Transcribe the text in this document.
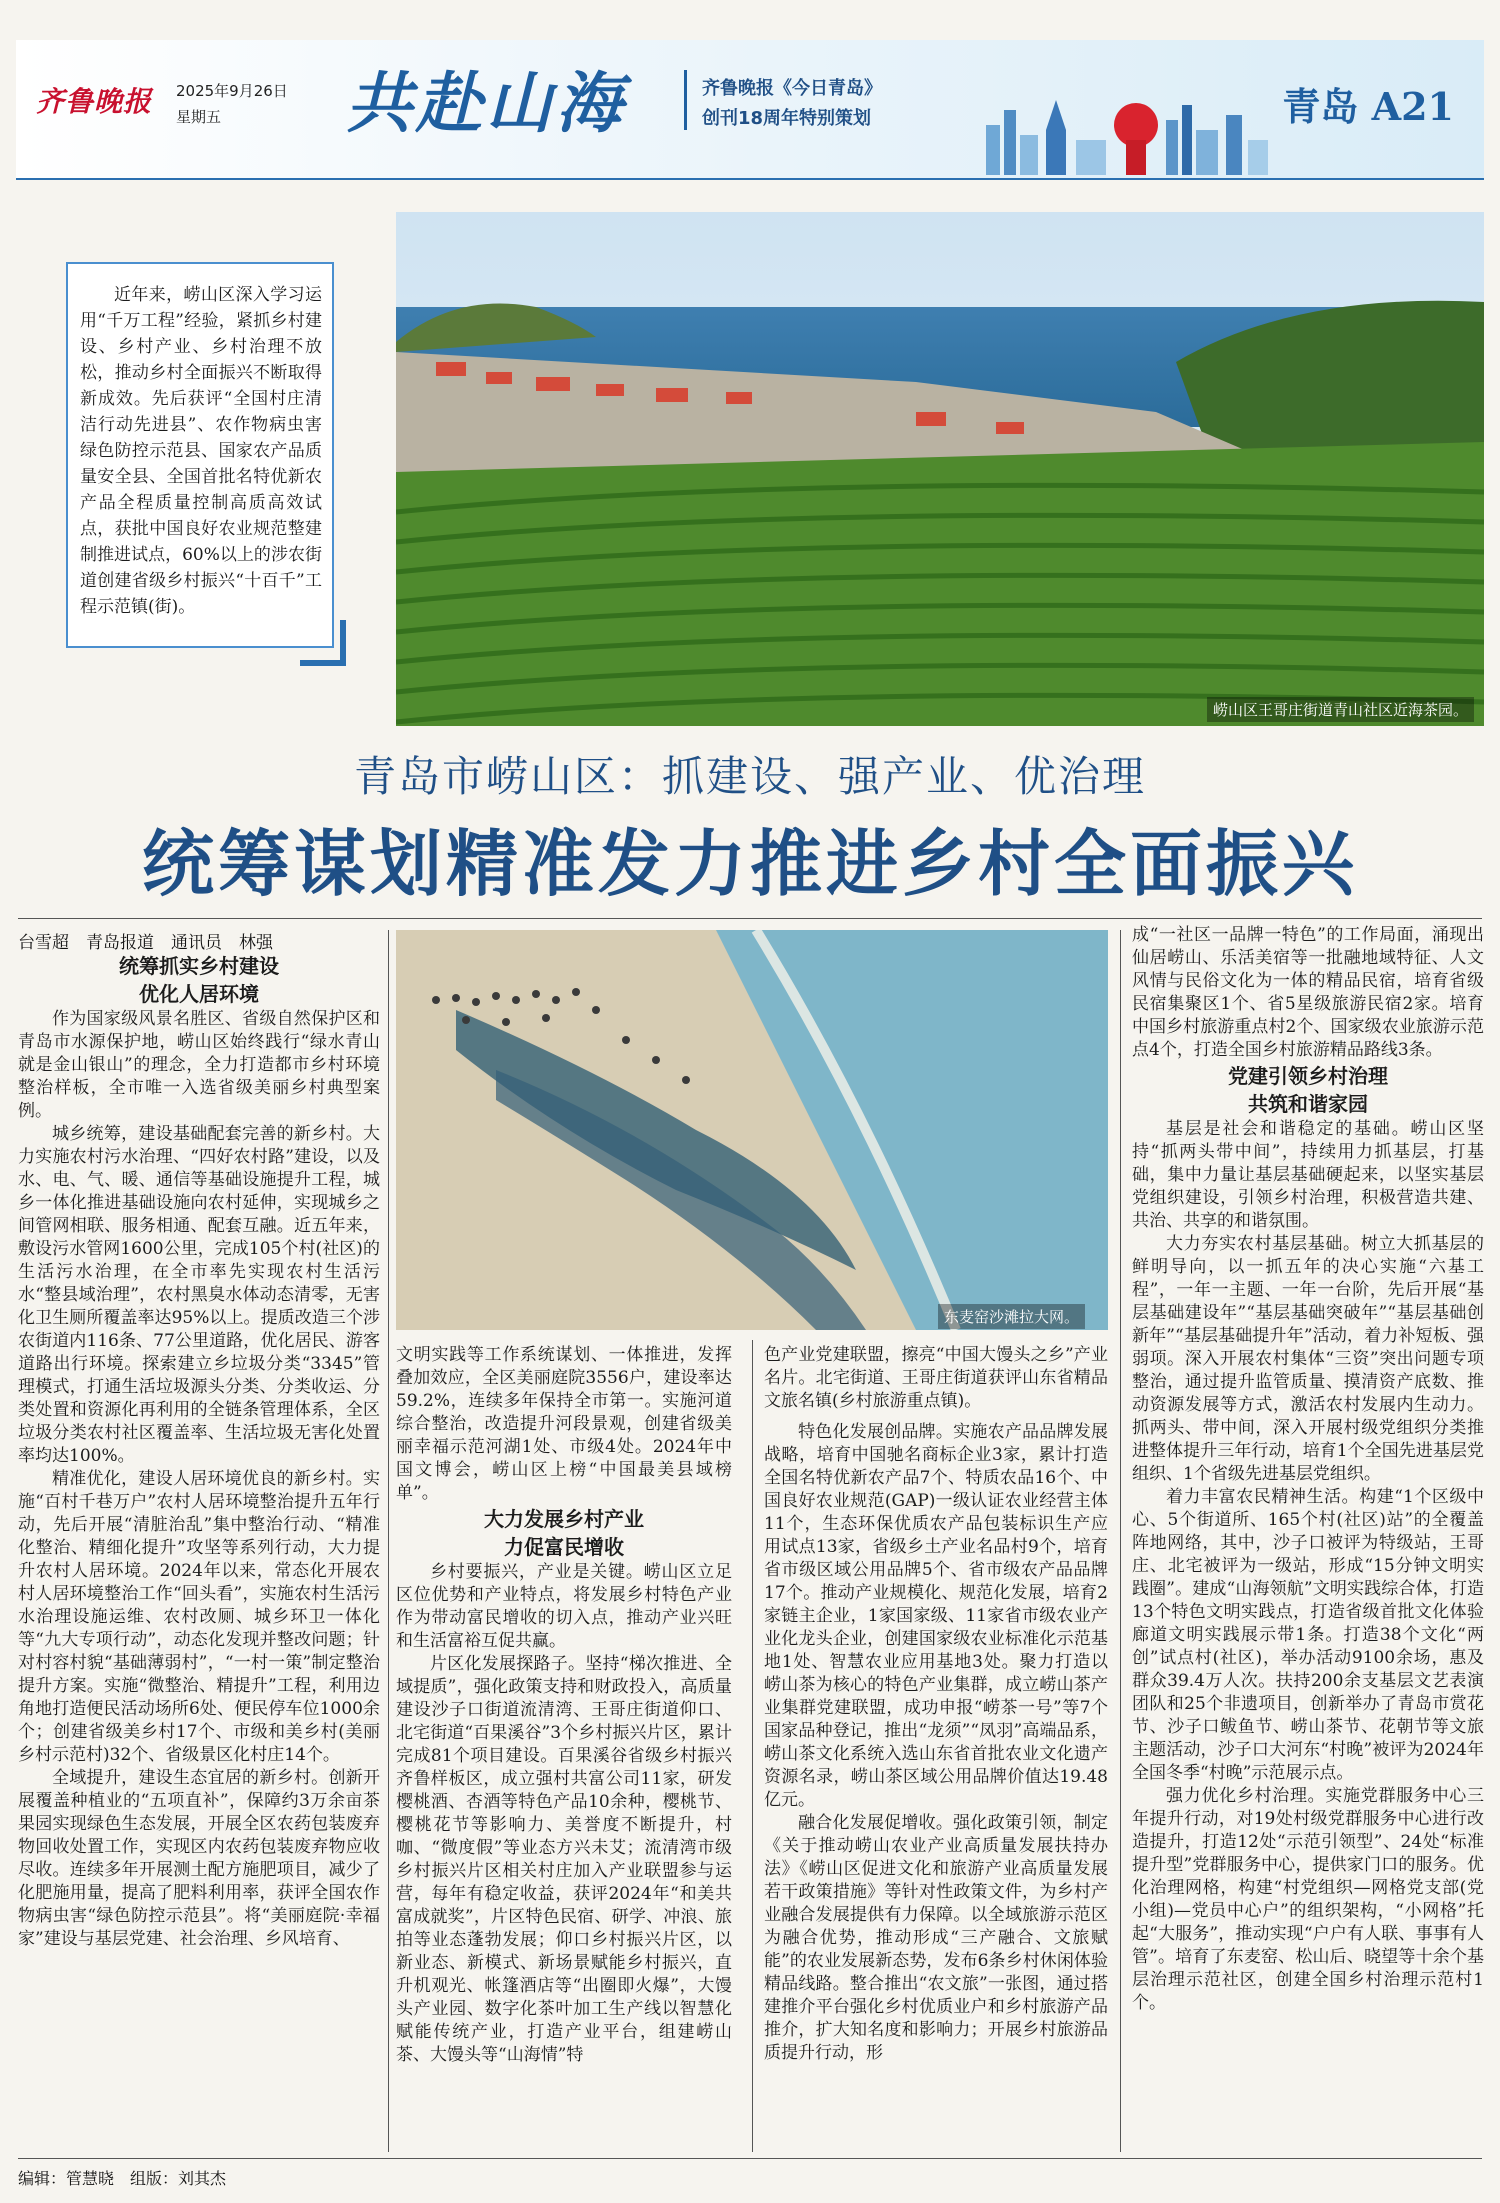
齐鲁晚报 2025年9月26日
星期五 共赴山海	齐鲁晚报《今日青岛》
创刊18周年特别策划	青岛 A21
崂山区王哥庄街道青山社区近海茶园。
近年来，崂山区深入学习运用“千万工程”经验，紧抓乡村建设、乡村产业、乡村治理不放松，推动乡村全面振兴不断取得新成效。先后获评“全国村庄清洁行动先进县”、农作物病虫害绿色防控示范县、国家农产品质量安全县、全国首批名特优新农产品全程质量控制高质高效试点，获批中国良好农业规范整建制推进试点，60%以上的涉农街道创建省级乡村振兴“十百千”工程示范镇(街)。
青岛市崂山区：抓建设、强产业、优治理
统筹谋划精准发力推进乡村全面振兴
台雪超　青岛报道　通讯员　林强

统筹抓实乡村建设
优化人居环境

作为国家级风景名胜区、省级自然保护区和青岛市水源保护地，崂山区始终践行“绿水青山就是金山银山”的理念，全力打造都市乡村环境整治样板，全市唯一入选省级美丽乡村典型案例。

城乡统筹，建设基础配套完善的新乡村。大力实施农村污水治理、“四好农村路”建设，以及水、电、气、暖、通信等基础设施提升工程，城乡一体化推进基础设施向农村延伸，实现城乡之间管网相联、服务相通、配套互融。近五年来，敷设污水管网1600公里，完成105个村(社区)的生活污水治理，在全市率先实现农村生活污水“整县域治理”，农村黑臭水体动态清零，无害化卫生厕所覆盖率达95%以上。提质改造三个涉农街道内116条、77公里道路，优化居民、游客道路出行环境。探索建立乡垃圾分类“3345”管理模式，打通生活垃圾源头分类、分类收运、分类处置和资源化再利用的全链条管理体系，全区垃圾分类农村社区覆盖率、生活垃圾无害化处置率均达100%。

精准优化，建设人居环境优良的新乡村。实施“百村千巷万户”农村人居环境整治提升五年行动，先后开展“清脏治乱”集中整治行动、“精准化整治、精细化提升”攻坚等系列行动，大力提升农村人居环境。2024年以来，常态化开展农村人居环境整治工作“回头看”，实施农村生活污水治理设施运维、农村改厕、城乡环卫一体化等“九大专项行动”，动态化发现并整改问题；针对村容村貌“基础薄弱村”，“一村一策”制定整治提升方案。实施“微整治、精提升”工程，利用边角地打造便民活动场所6处、便民停车位1000余个；创建省级美乡村17个、市级和美乡村(美丽乡村示范村)32个、省级景区化村庄14个。

全域提升，建设生态宜居的新乡村。创新开展覆盖种植业的“五项直补”，保障约3万余亩茶果园实现绿色生态发展，开展全区农药包装废弃物回收处置工作，实现区内农药包装废弃物应收尽收。连续多年开展测土配方施肥项目，减少了化肥施用量，提高了肥料利用率，获评全国农作物病虫害“绿色防控示范县”。将“美丽庭院·幸福家”建设与基层党建、社会治理、乡风培育、

东麦窑沙滩拉大网。

文明实践等工作系统谋划、一体推进，发挥叠加效应，全区美丽庭院3556户，建设率达59.2%，连续多年保持全市第一。实施河道综合整治，改造提升河段景观，创建省级美丽幸福示范河湖1处、市级4处。2024年中国文博会，崂山区上榜“中国最美县域榜单”。

大力发展乡村产业
力促富民增收

乡村要振兴，产业是关键。崂山区立足区位优势和产业特点，将发展乡村特色产业作为带动富民增收的切入点，推动产业兴旺和生活富裕互促共赢。

片区化发展探路子。坚持“梯次推进、全域提质”，强化政策支持和财政投入，高质量建设沙子口街道流清湾、王哥庄街道仰口、北宅街道“百果溪谷”3个乡村振兴片区，累计完成81个项目建设。百果溪谷省级乡村振兴齐鲁样板区，成立强村共富公司11家，研发樱桃酒、杏酒等特色产品10余种，樱桃节、樱桃花节等影响力、美誉度不断提升，村咖、“微度假”等业态方兴未艾；流清湾市级乡村振兴片区相关村庄加入产业联盟参与运营，每年有稳定收益，获评2024年“和美共富成就奖”，片区特色民宿、研学、冲浪、旅拍等业态蓬勃发展；仰口乡村振兴片区，以新业态、新模式、新场景赋能乡村振兴，直升机观光、帐篷酒店等“出圈即火爆”，大馒头产业园、数字化茶叶加工生产线以智慧化赋能传统产业，打造产业平台，组建崂山茶、大馒头等“山海情”特

色产业党建联盟，擦亮“中国大馒头之乡”产业名片。北宅街道、王哥庄街道获评山东省精品文旅名镇(乡村旅游重点镇)。

特色化发展创品牌。实施农产品品牌发展战略，培育中国驰名商标企业3家，累计打造全国名特优新农产品7个、特质农品16个、中国良好农业规范(GAP)一级认证农业经营主体11个，生态环保优质农产品包装标识生产应用试点13家，省级乡土产业名品村9个，培育省市级区域公用品牌5个、省市级农产品品牌17个。推动产业规模化、规范化发展，培育2家链主企业，1家国家级、11家省市级农业产业化龙头企业，创建国家级农业标准化示范基地1处、智慧农业应用基地3处。聚力打造以崂山茶为核心的特色产业集群，成立崂山茶产业集群党建联盟，成功申报“崂茶一号”等7个国家品种登记，推出“龙须”“凤羽”高端品系，崂山茶文化系统入选山东省首批农业文化遗产资源名录，崂山茶区域公用品牌价值达19.48亿元。

融合化发展促增收。强化政策引领，制定《关于推动崂山农业产业高质量发展扶持办法》《崂山区促进文化和旅游产业高质量发展若干政策措施》等针对性政策文件，为乡村产业融合发展提供有力保障。以全域旅游示范区为融合优势，推动形成“三产融合、文旅赋能”的农业发展新态势，发布6条乡村休闲体验精品线路。整合推出“农文旅”一张图，通过搭建推介平台强化乡村优质业户和乡村旅游产品推介，扩大知名度和影响力；开展乡村旅游品质提升行动，形

成“一社区一品牌一特色”的工作局面，涌现出仙居崂山、乐活美宿等一批融地域特征、人文风情与民俗文化为一体的精品民宿，培育省级民宿集聚区1个、省5星级旅游民宿2家。培育中国乡村旅游重点村2个、国家级农业旅游示范点4个，打造全国乡村旅游精品路线3条。

党建引领乡村治理
共筑和谐家园

基层是社会和谐稳定的基础。崂山区坚持“抓两头带中间”，持续用力抓基层，打基础，集中力量让基层基础硬起来，以坚实基层党组织建设，引领乡村治理，积极营造共建、共治、共享的和谐氛围。

大力夯实农村基层基础。树立大抓基层的鲜明导向，以一抓五年的决心实施“六基工程”，一年一主题、一年一台阶，先后开展“基层基础建设年”“基层基础突破年”“基层基础创新年”“基层基础提升年”活动，着力补短板、强弱项。深入开展农村集体“三资”突出问题专项整治，通过提升监管质量、摸清资产底数、推动资源发展等方式，激活农村发展内生动力。抓两头、带中间，深入开展村级党组织分类推进整体提升三年行动，培育1个全国先进基层党组织、1个省级先进基层党组织。

着力丰富农民精神生活。构建“1个区级中心、5个街道所、165个村(社区)站”的全覆盖阵地网络，其中，沙子口被评为特级站，王哥庄、北宅被评为一级站，形成“15分钟文明实践圈”。建成“山海领航”文明实践综合体，打造13个特色文明实践点，打造省级首批文化体验廊道文明实践展示带1条。打造38个文化“两创”试点村(社区)，举办活动9100余场，惠及群众39.4万人次。扶持200余支基层文艺表演团队和25个非遗项目，创新举办了青岛市赏花节、沙子口鲅鱼节、崂山茶节、花朝节等文旅主题活动，沙子口大河东“村晚”被评为2024年全国冬季“村晚”示范展示点。

强力优化乡村治理。实施党群服务中心三年提升行动，对19处村级党群服务中心进行改造提升，打造12处“示范引领型”、24处“标准提升型”党群服务中心，提供家门口的服务。优化治理网格，构建“村党组织—网格党支部(党小组)—党员中心户”的组织架构，“小网格”托起“大服务”，推动实现“户户有人联、事事有人管”。培育了东麦窑、松山后、晓望等十余个基层治理示范社区，创建全国乡村治理示范村1个。

编辑：管慧晓　 组版：刘其杰
